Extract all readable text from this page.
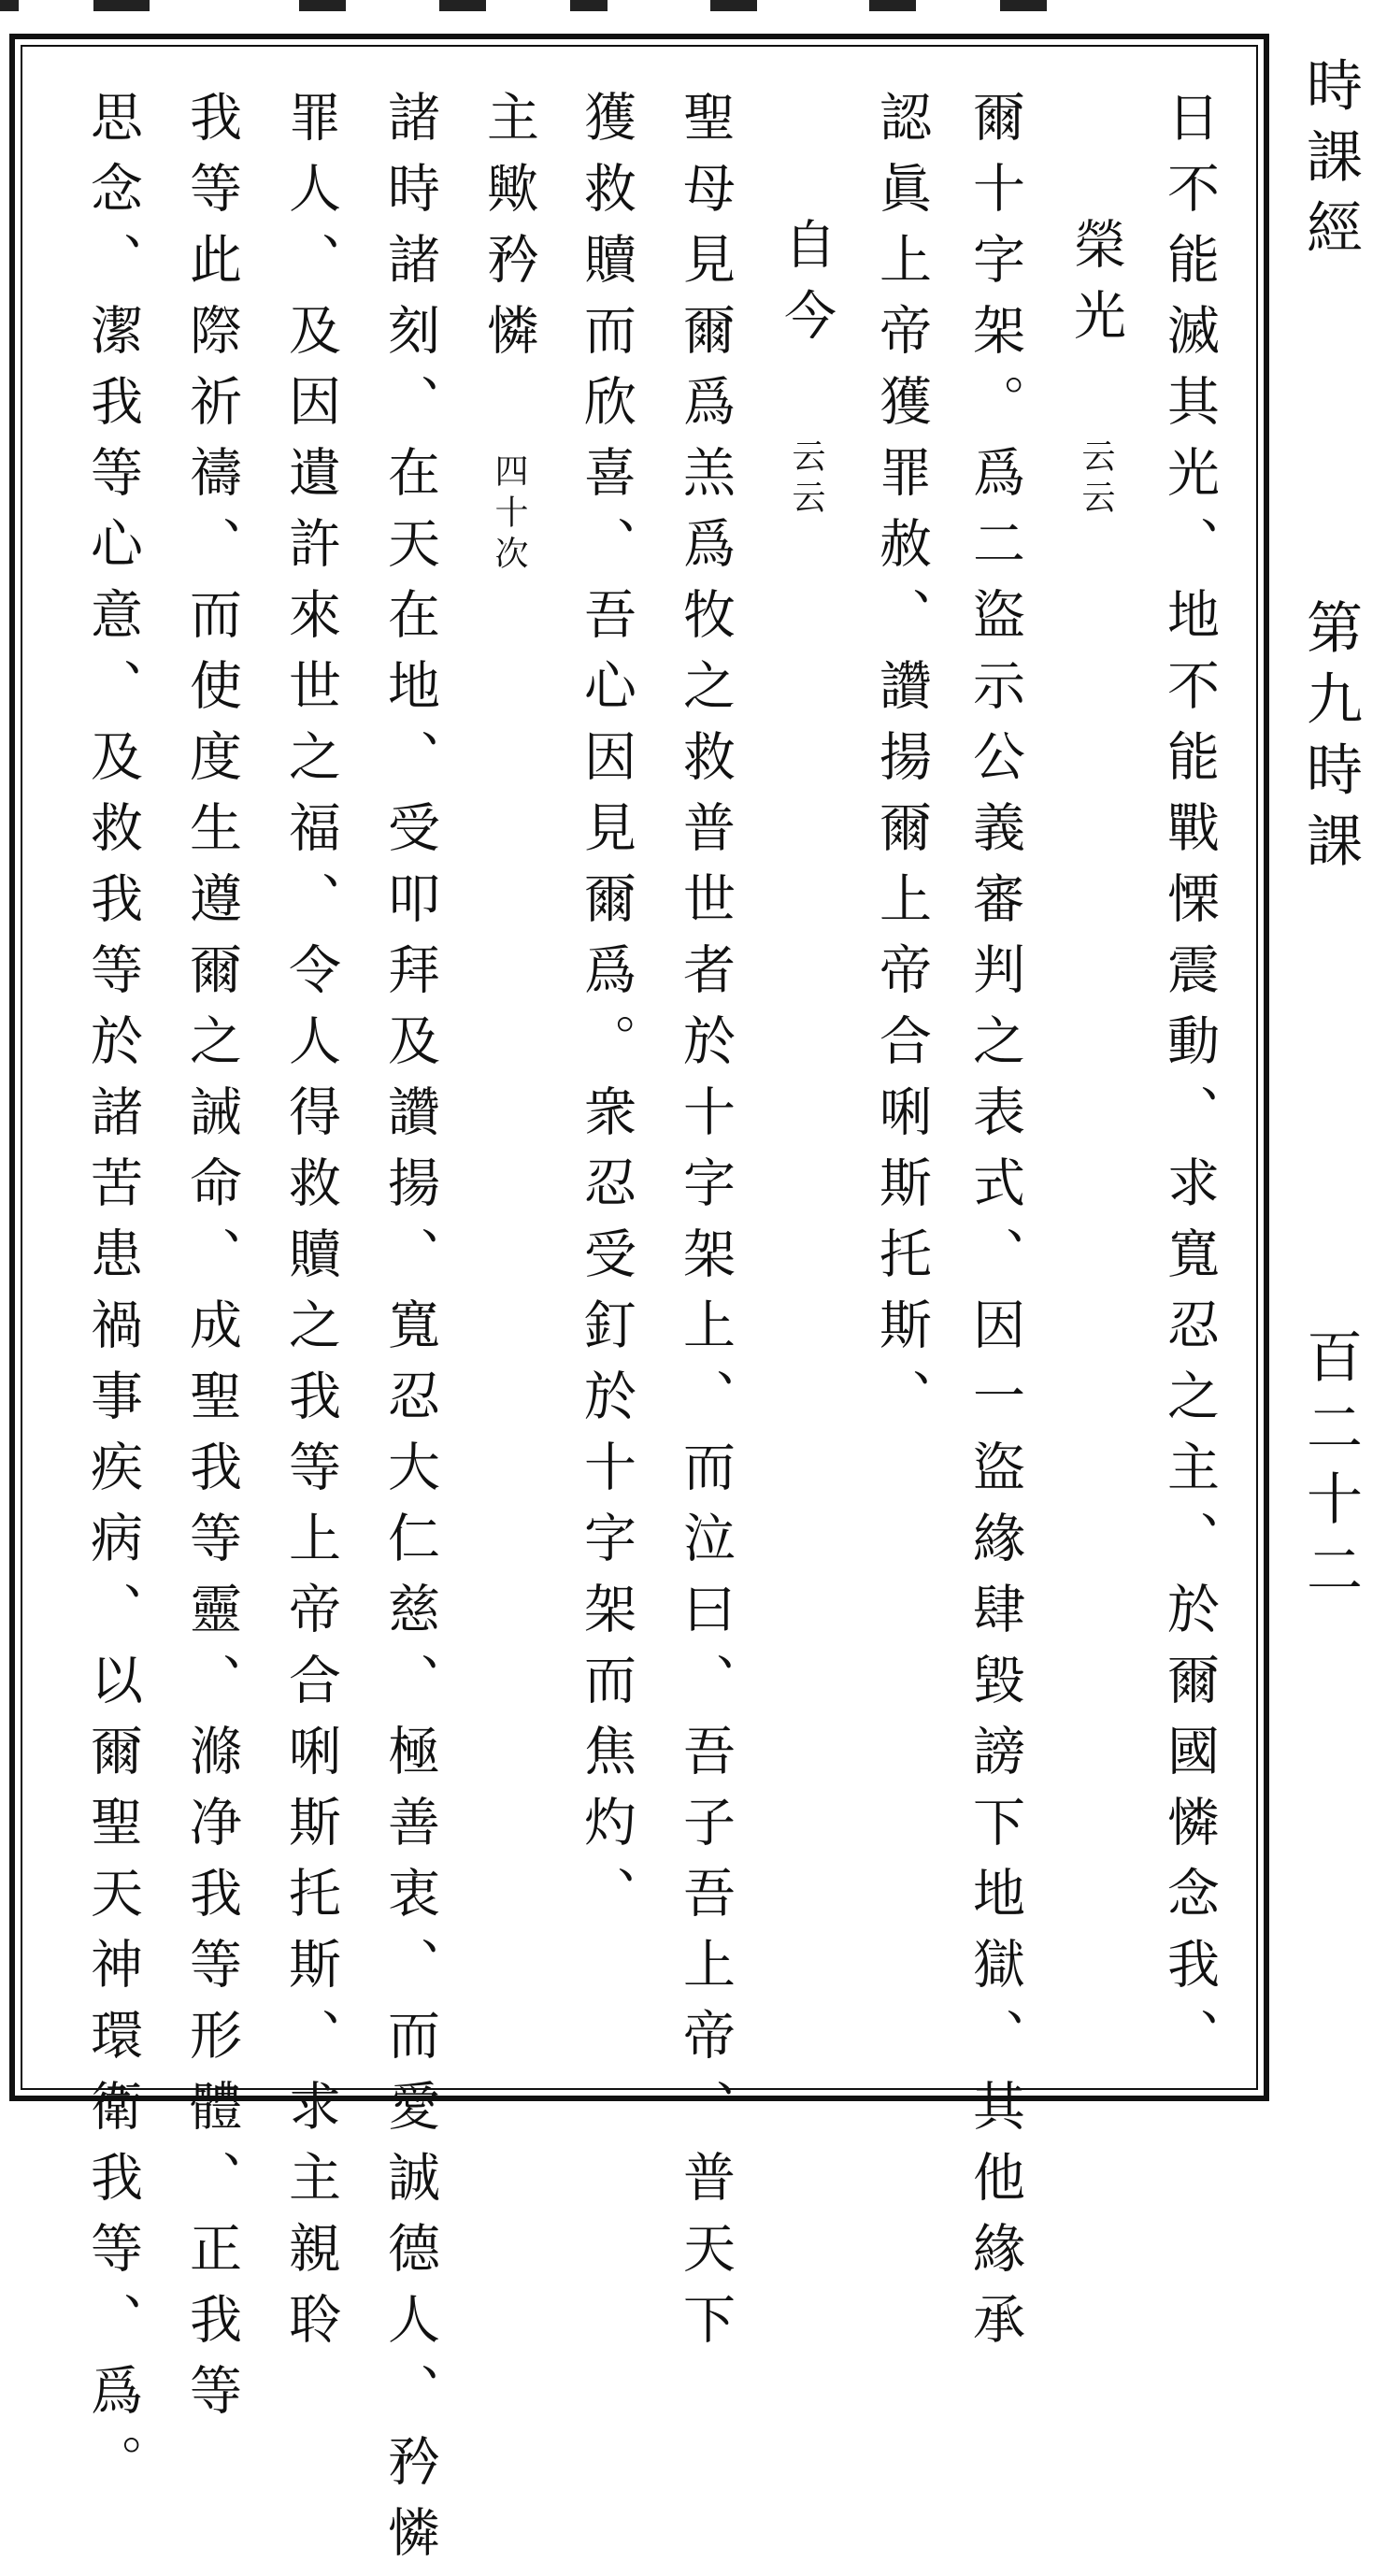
時課經
第九時課
百二十二
日不能滅其光、地不能戰慄震動、求寬忍之主、於爾國憐念我、
榮光 云云
爾十字架。爲二盜示公義審判之表式、因一盜緣肆毀謗下地獄、其他緣承
認眞上帝獲罪赦、讚揚爾上帝合唎斯托斯、
自今 云云
聖母見爾爲羔爲牧之救普世者於十字架上、而泣曰、吾子吾上帝、普天下
獲救贖而欣喜、吾心因見爾爲。衆忍受釘於十字架而焦灼、
主歟矜憐 四十次
諸時諸刻、在天在地、受叩拜及讚揚、寬忍大仁慈、極善衷、而愛誠德人、矜憐
罪人、及因遺許來世之福、令人得救贖之我等上帝合唎斯托斯、求主親聆
我等此際祈禱、而使度生遵爾之誡命、成聖我等靈、滌净我等形體、正我等
思念、潔我等心意、及救我等於諸苦患禍事疾病、以爾聖天神環衛我等、爲。
